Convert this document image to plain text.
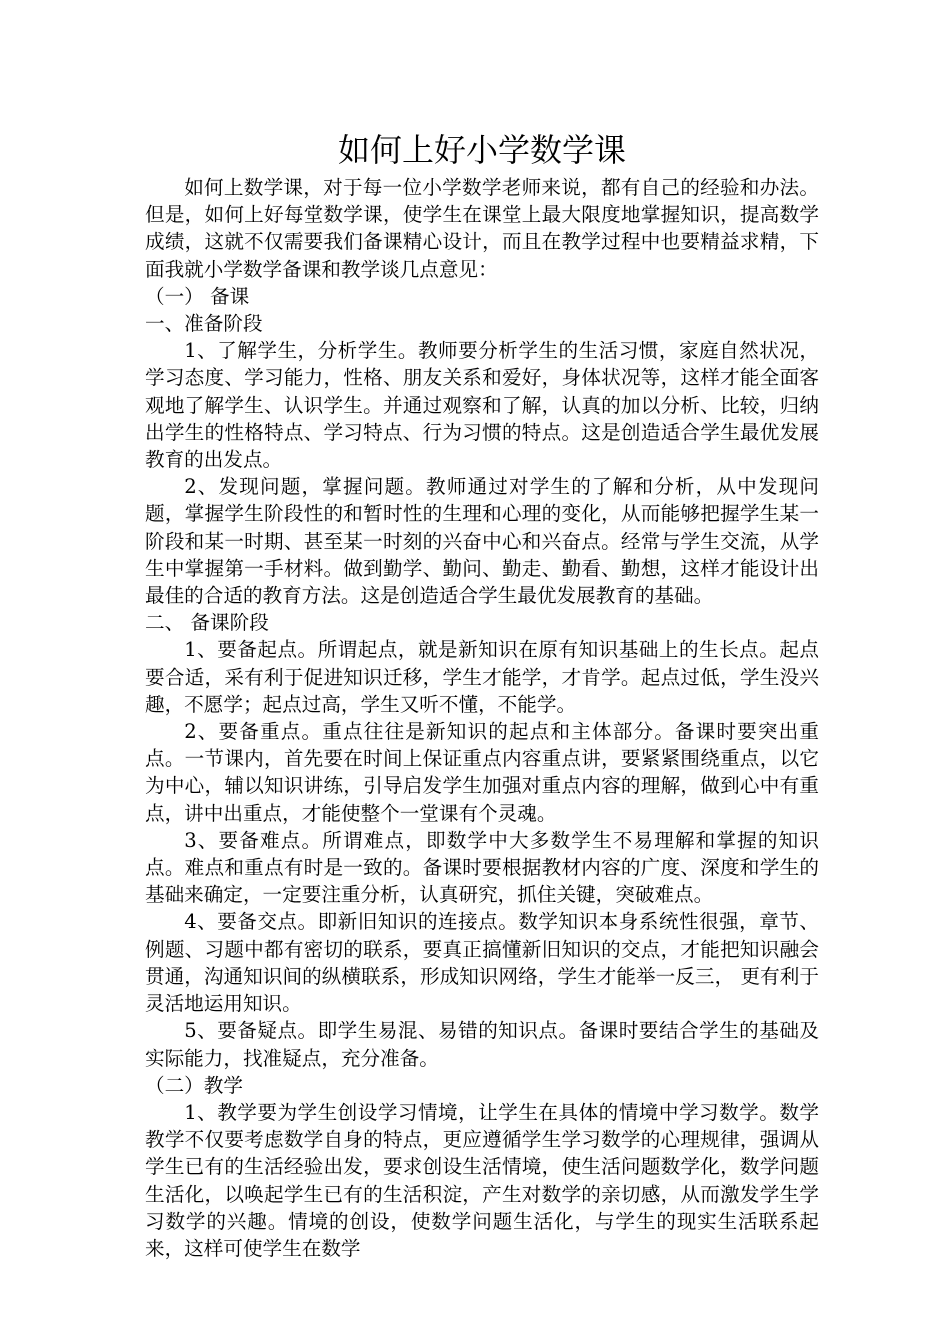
如何上好小学数学课

如何上数学课，对于每一位小学数学老师来说，都有自己的经验和办法。但是，如何上好每堂数学课，使学生在课堂上最大限度地掌握知识，提高数学成绩，这就不仅需要我们备课精心设计，而且在教学过程中也要精益求精，下面我就小学数学备课和教学谈几点意见：

（一） 备课

一、准备阶段

1、了解学生，分析学生。教师要分析学生的生活习惯，家庭自然状况，学习态度、学习能力，性格、朋友关系和爱好，身体状况等，这样才能全面客观地了解学生、认识学生。并通过观察和了解，认真的加以分析、比较，归纳出学生的性格特点、学习特点、行为习惯的特点。这是创造适合学生最优发展教育的出发点。

2、发现问题，掌握问题。教师通过对学生的了解和分析，从中发现问题，掌握学生阶段性的和暂时性的生理和心理的变化，从而能够把握学生某一阶段和某一时期、甚至某一时刻的兴奋中心和兴奋点。经常与学生交流，从学生中掌握第一手材料。做到勤学、勤问、勤走、勤看、勤想，这样才能设计出最佳的合适的教育方法。这是创造适合学生最优发展教育的基础。

二、 备课阶段

1、要备起点。所谓起点，就是新知识在原有知识基础上的生长点。起点要合适，采有利于促进知识迁移，学生才能学，才肯学。起点过低，学生没兴趣，不愿学；起点过高，学生又听不懂，不能学。

2、要备重点。重点往往是新知识的起点和主体部分。备课时要突出重点。一节课内，首先要在时间上保证重点内容重点讲，要紧紧围绕重点，以它为中心，辅以知识讲练，引导启发学生加强对重点内容的理解，做到心中有重点，讲中出重点，才能使整个一堂课有个灵魂。

3、要备难点。所谓难点，即数学中大多数学生不易理解和掌握的知识点。难点和重点有时是一致的。备课时要根据教材内容的广度、深度和学生的基础来确定，一定要注重分析，认真研究，抓住关键，突破难点。

4、要备交点。即新旧知识的连接点。数学知识本身系统性很强，章节、例题、习题中都有密切的联系，要真正搞懂新旧知识的交点，才能把知识融会贯通，沟通知识间的纵横联系，形成知识网络，学生才能举一反三， 更有利于灵活地运用知识。

5、要备疑点。即学生易混、易错的知识点。备课时要结合学生的基础及实际能力，找准疑点，充分准备。

（二）教学

1、教学要为学生创设学习情境，让学生在具体的情境中学习数学。数学教学不仅要考虑数学自身的特点，更应遵循学生学习数学的心理规律，强调从学生已有的生活经验出发，要求创设生活情境，使生活问题数学化，数学问题生活化，以唤起学生已有的生活积淀，产生对数学的亲切感，从而激发学生学习数学的兴趣。情境的创设，使数学问题生活化，与学生的现实生活联系起来，这样可使学生在数学
